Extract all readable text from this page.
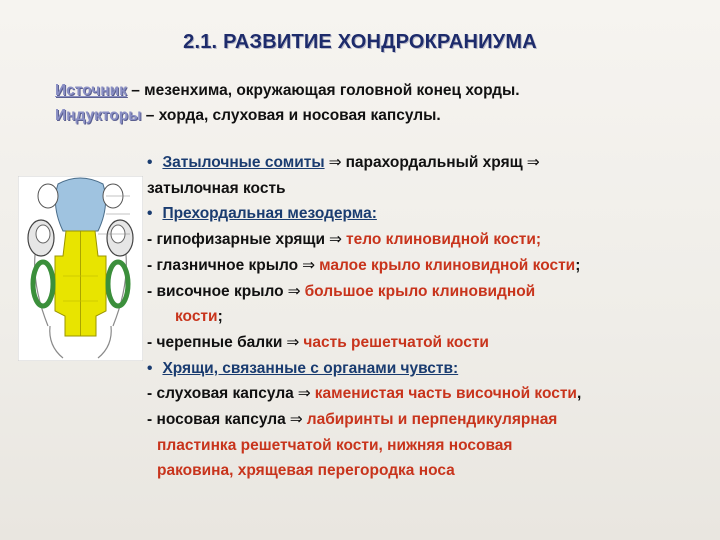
2.1. РАЗВИТИЕ ХОНДРОКРАНИУМА
Источник – мезенхима, окружающая головной конец хорды.
Индукторы – хорда, слуховая и носовая капсулы.
• Затылочные сомиты ⇒ парахордальный хрящ ⇒
затылочная кость
• Прехордальная мезодерма:
- гипофизарные хрящи ⇒ тело клиновидной кости;
- глазничное крыло ⇒ малое крыло клиновидной кости;
- височное крыло ⇒ большое крыло клиновидной
кости;
- черепные балки ⇒ часть решетчатой кости
• Хрящи, связанные с органами чувств:
- слуховая капсула ⇒ каменистая часть височной кости,
- носовая капсула ⇒ лабиринты и перпендикулярная
пластинка решетчатой кости, нижняя носовая
раковина, хрящевая перегородка носа
